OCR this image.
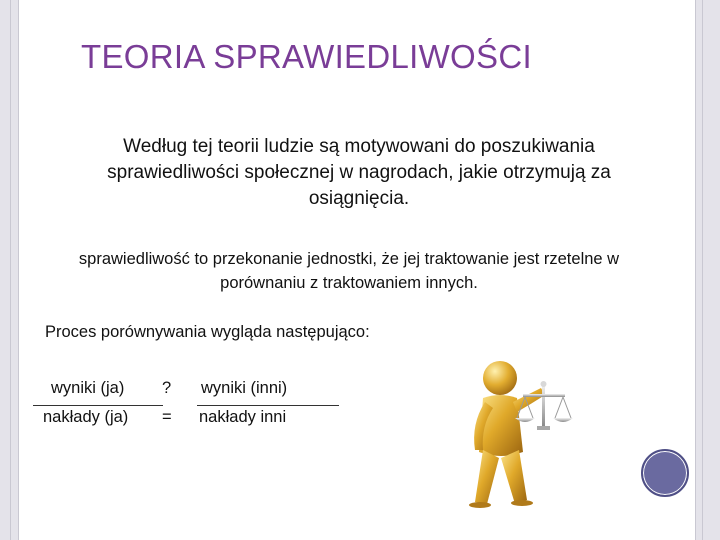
TEORIA SPRAWIEDLIWOŚCI

Według tej teorii ludzie są motywowani do poszukiwania sprawiedliwości społecznej w nagrodach, jakie otrzymują za osiągnięcia.

sprawiedliwość to przekonanie jednostki, że jej traktowanie jest rzetelne w porównaniu z traktowaniem innych.

Proces porównywania wygląda następująco:

wyniki (ja) ? wyniki (inni)
nakłady (ja) = nakłady inni
